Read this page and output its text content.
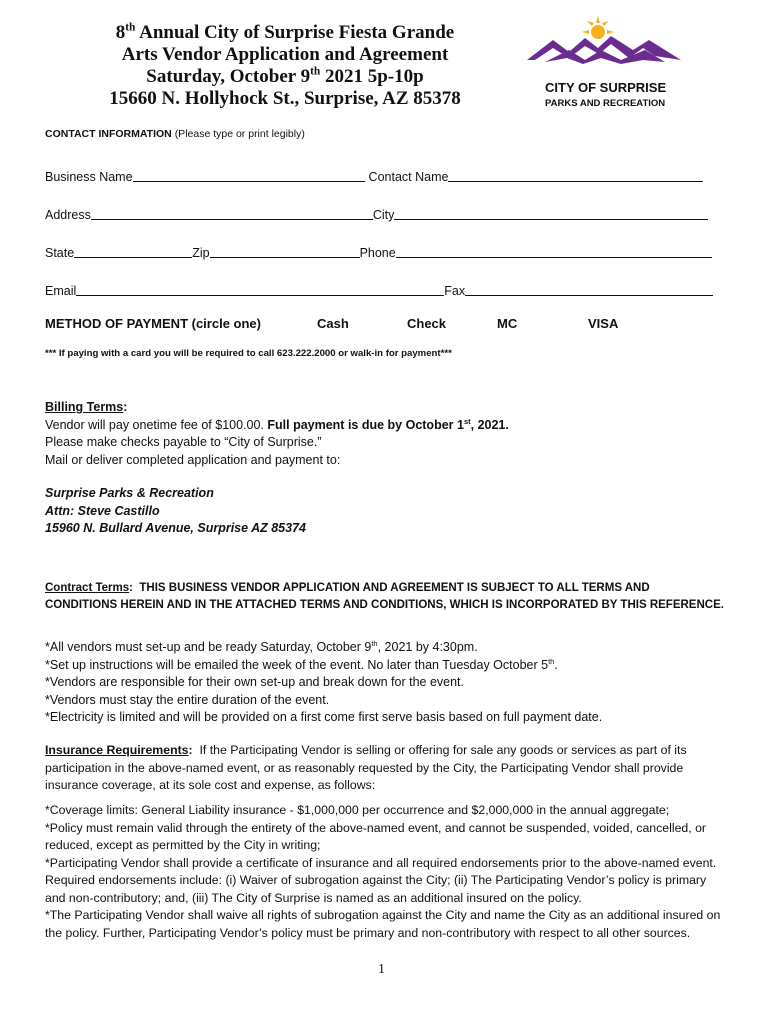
8th Annual City of Surprise Fiesta Grande
Arts Vendor Application and Agreement
Saturday, October 9th 2021 5p-10p
15660 N. Hollyhock St., Surprise, AZ 85378
CITY OF SURPRISE
PARKS AND RECREATION
CONTACT INFORMATION (Please type or print legibly)
Business Name	Contact Name
Address	City
State	Zip	Phone
Email	Fax
METHOD OF PAYMENT (circle one)	Cash	Check	MC	VISA
*** If paying with a card you will be required to call 623.222.2000 or walk-in for payment***
Billing Terms:
Vendor will pay onetime fee of $100.00. Full payment is due by October 1st, 2021.
Please make checks payable to “City of Surprise.”
Mail or deliver completed application and payment to:
Surprise Parks & Recreation
Attn: Steve Castillo
15960 N. Bullard Avenue, Surprise AZ 85374
Contract Terms:  THIS BUSINESS VENDOR APPLICATION AND AGREEMENT IS SUBJECT TO ALL TERMS AND CONDITIONS HEREIN AND IN THE ATTACHED TERMS AND CONDITIONS, WHICH IS INCORPORATED BY THIS REFERENCE.
*All vendors must set-up and be ready Saturday, October 9th, 2021 by 4:30pm.
*Set up instructions will be emailed the week of the event. No later than Tuesday October 5th.
*Vendors are responsible for their own set-up and break down for the event.
*Vendors must stay the entire duration of the event.
*Electricity is limited and will be provided on a first come first serve basis based on full payment date.
Insurance Requirements: If the Participating Vendor is selling or offering for sale any goods or services as part of its participation in the above-named event, or as reasonably requested by the City, the Participating Vendor shall provide insurance coverage, at its sole cost and expense, as follows:
*Coverage limits: General Liability insurance - $1,000,000 per occurrence and $2,000,000 in the annual aggregate;
*Policy must remain valid through the entirety of the above-named event, and cannot be suspended, voided, cancelled, or reduced, except as permitted by the City in writing;
*Participating Vendor shall provide a certificate of insurance and all required endorsements prior to the above-named event. Required endorsements include: (i) Waiver of subrogation against the City; (ii) The Participating Vendor’s policy is primary and non-contributory; and, (iii) The City of Surprise is named as an additional insured on the policy.
*The Participating Vendor shall waive all rights of subrogation against the City and name the City as an additional insured on the policy. Further, Participating Vendor’s policy must be primary and non-contributory with respect to all other sources.
1
